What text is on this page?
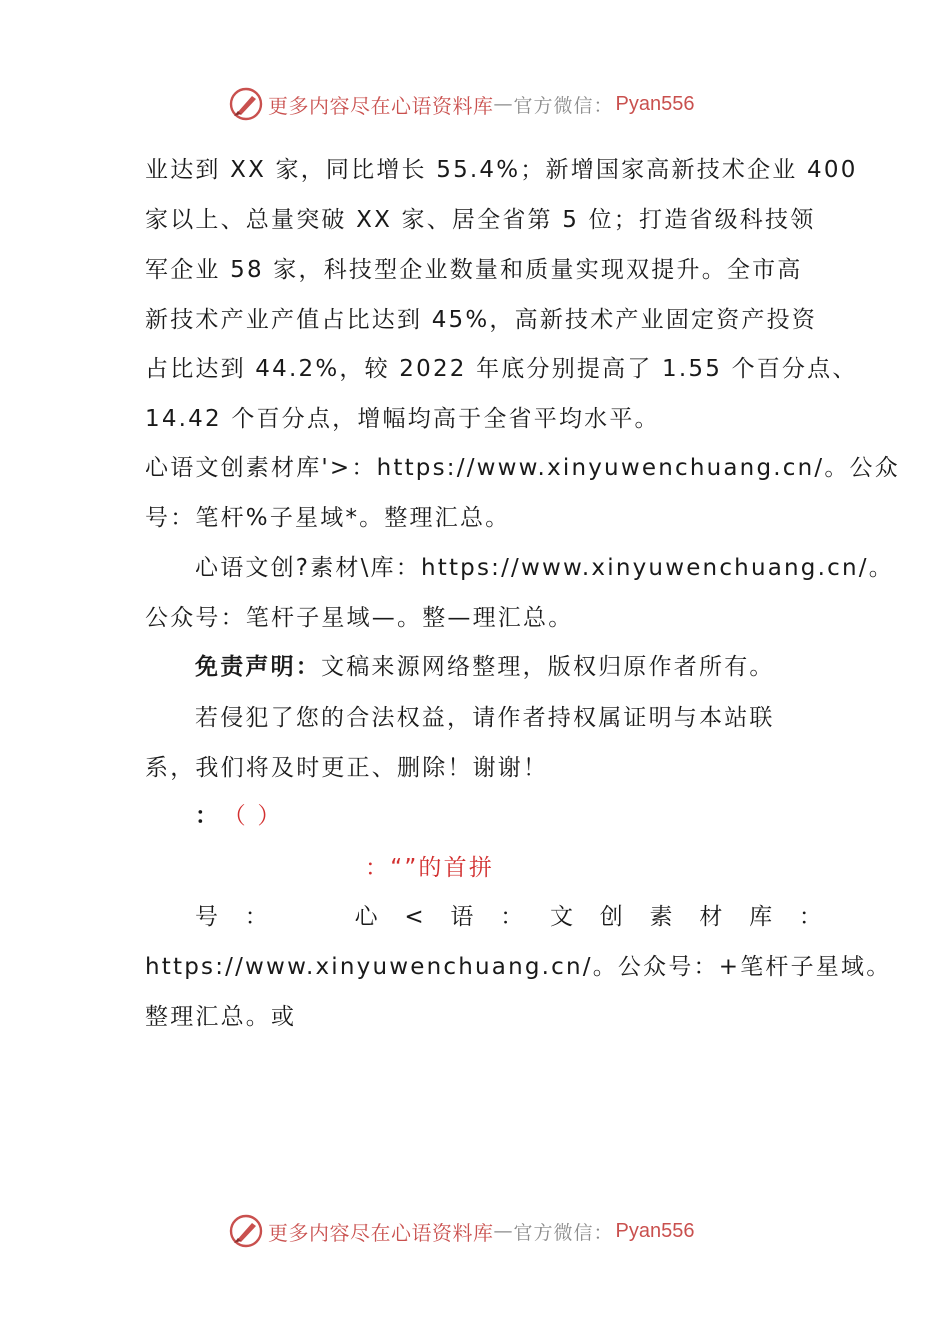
更多内容尽在心语资料库 — 官方微信： Pyan556
业达到 XX 家，同比增长 55.4%；新增国家高新技术企业 400
家以上、总量突破 XX 家、居全省第 5 位；打造省级科技领
军企业 58 家，科技型企业数量和质量实现双提升。全市高
新技术产业产值占比达到 45%，高新技术产业固定资产投资
占比达到 44.2%，较 2022 年底分别提高了 1.55 个百分点、
14.42 个百分点，增幅均高于全省平均水平。
心语文创素材库'>：https://www.xinyuwenchuang.cn/。公众
号：笔杆%子星域*。整理汇总。
心语文创?素材\库：https://www.xinyuwenchuang.cn/。
公众号：笔杆子星域—。整—理汇总。
免责声明：文稿来源网络整理，版权归原作者所有。
若侵犯了您的合法权益，请作者持权属证明与本站联
系，我们将及时更正、删除！谢谢！
： （ ）
：“”的首拼
号 ：	心 < 语 ： 文 创 素 材 库 ：
https://www.xinyuwenchuang.cn/。公众号：+笔杆子星域。
整理汇总。或
更多内容尽在心语资料库 — 官方微信： Pyan556
